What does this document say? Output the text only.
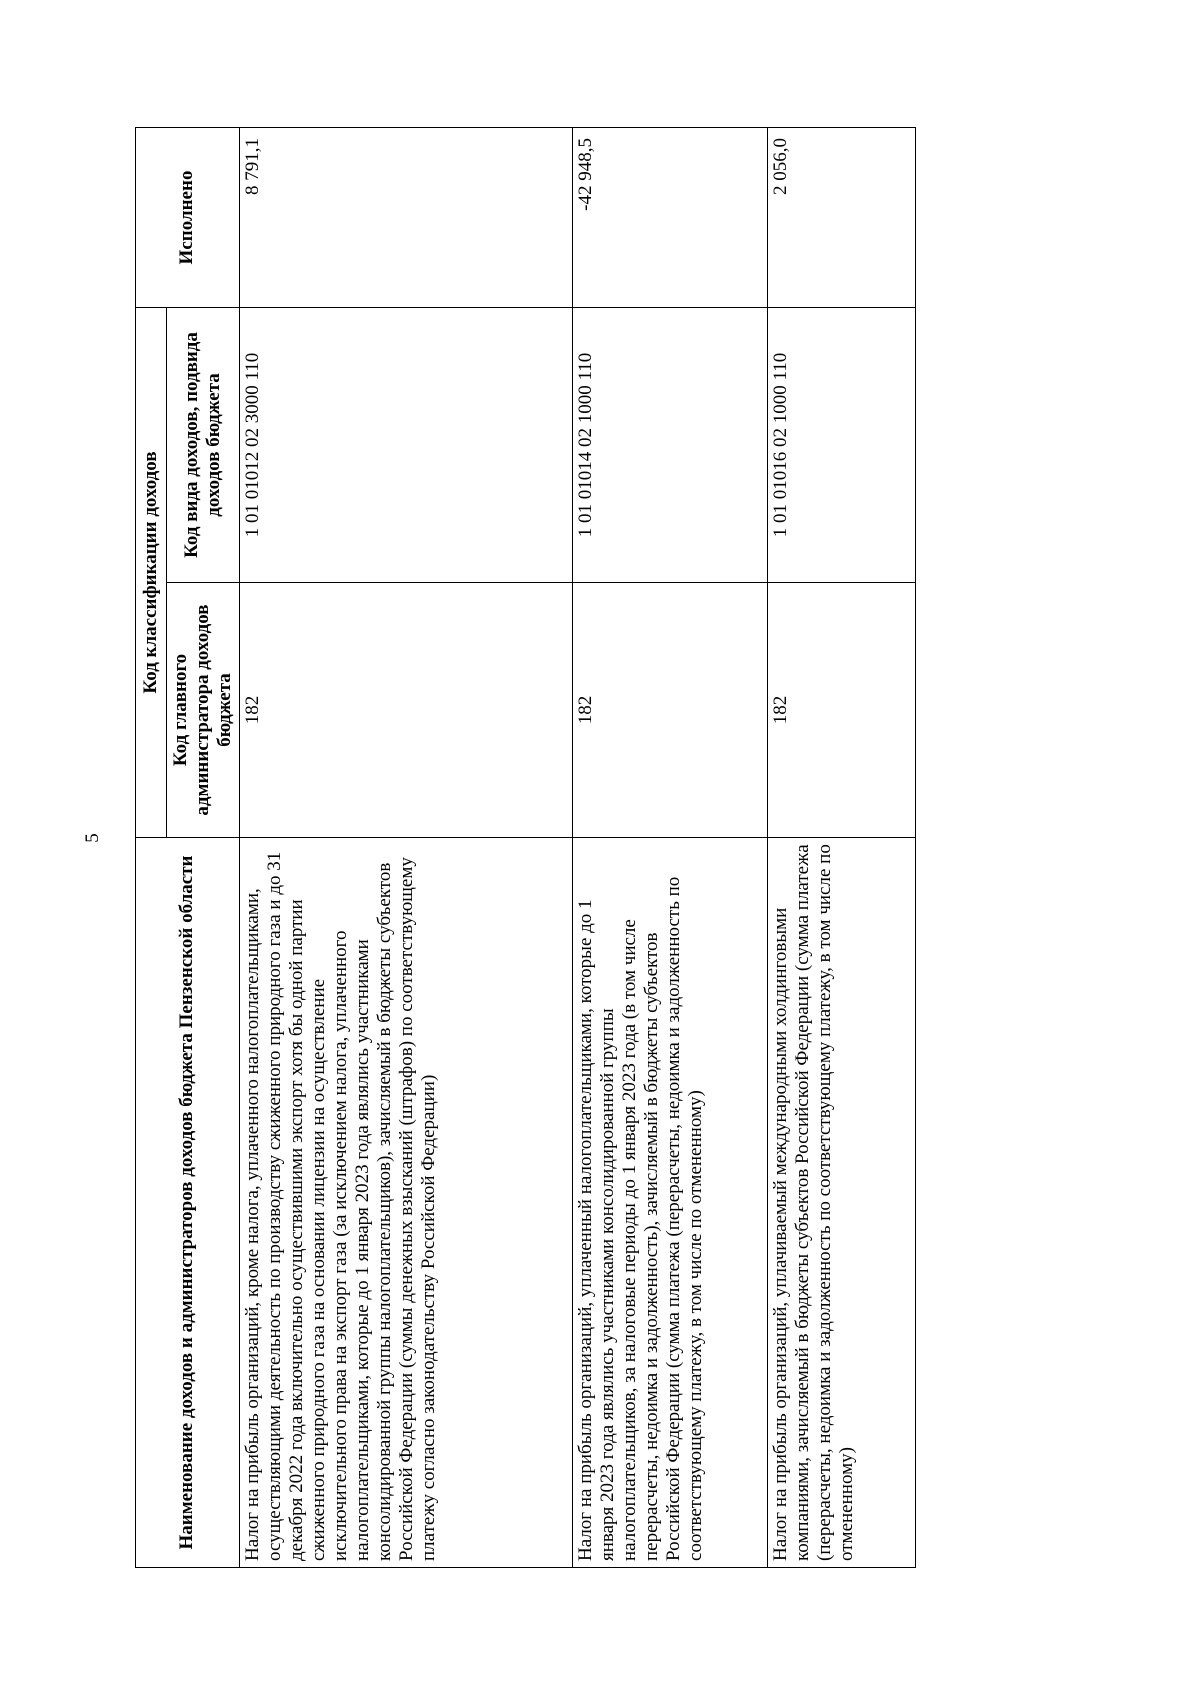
5
Наименование доходов и администраторов доходов бюджета Пензенской области	Код классификации доходов		Исполнено
	Код главного администратора доходов бюджета	Код вида доходов, подвида доходов бюджета	
Налог на прибыль организаций, кроме налога, уплаченного налогоплательщиками, осуществляющими деятельность по производству сжиженного природного газа и до 31 декабря 2022 года включительно осуществившими экспорт хотя бы одной партии сжиженного природного газа на основании лицензии на осуществление исключительного права на экспорт газа (за исключением налога, уплаченного налогоплательщиками, которые до 1 января 2023 года являлись участниками консолидированной группы налогоплательщиков), зачисляемый в бюджеты субъектов Российской Федерации (суммы денежных взысканий (штрафов) по соответствующему платежу согласно законодательству Российской Федерации)	182	1 01 01012 02 3000 110	8 791,1
Налог на прибыль организаций, уплаченный налогоплательщиками, которые до 1 января 2023 года являлись участниками консолидированной группы налогоплательщиков, за налоговые периоды до 1 января 2023 года (в том числе перерасчеты, недоимка и задолженность), зачисляемый в бюджеты субъектов Российской Федерации (сумма платежа (перерасчеты, недоимка и задолженность по соответствующему платежу, в том числе по отмененному)	182	1 01 01014 02 1000 110	-42 948,5
Налог на прибыль организаций, уплачиваемый международными холдинговыми компаниями, зачисляемый в бюджеты субъектов Российской Федерации (сумма платежа (перерасчеты, недоимка и задолженность по соответствующему платежу, в том числе по отмененному)	182	1 01 01016 02 1000 110	2 056,0
